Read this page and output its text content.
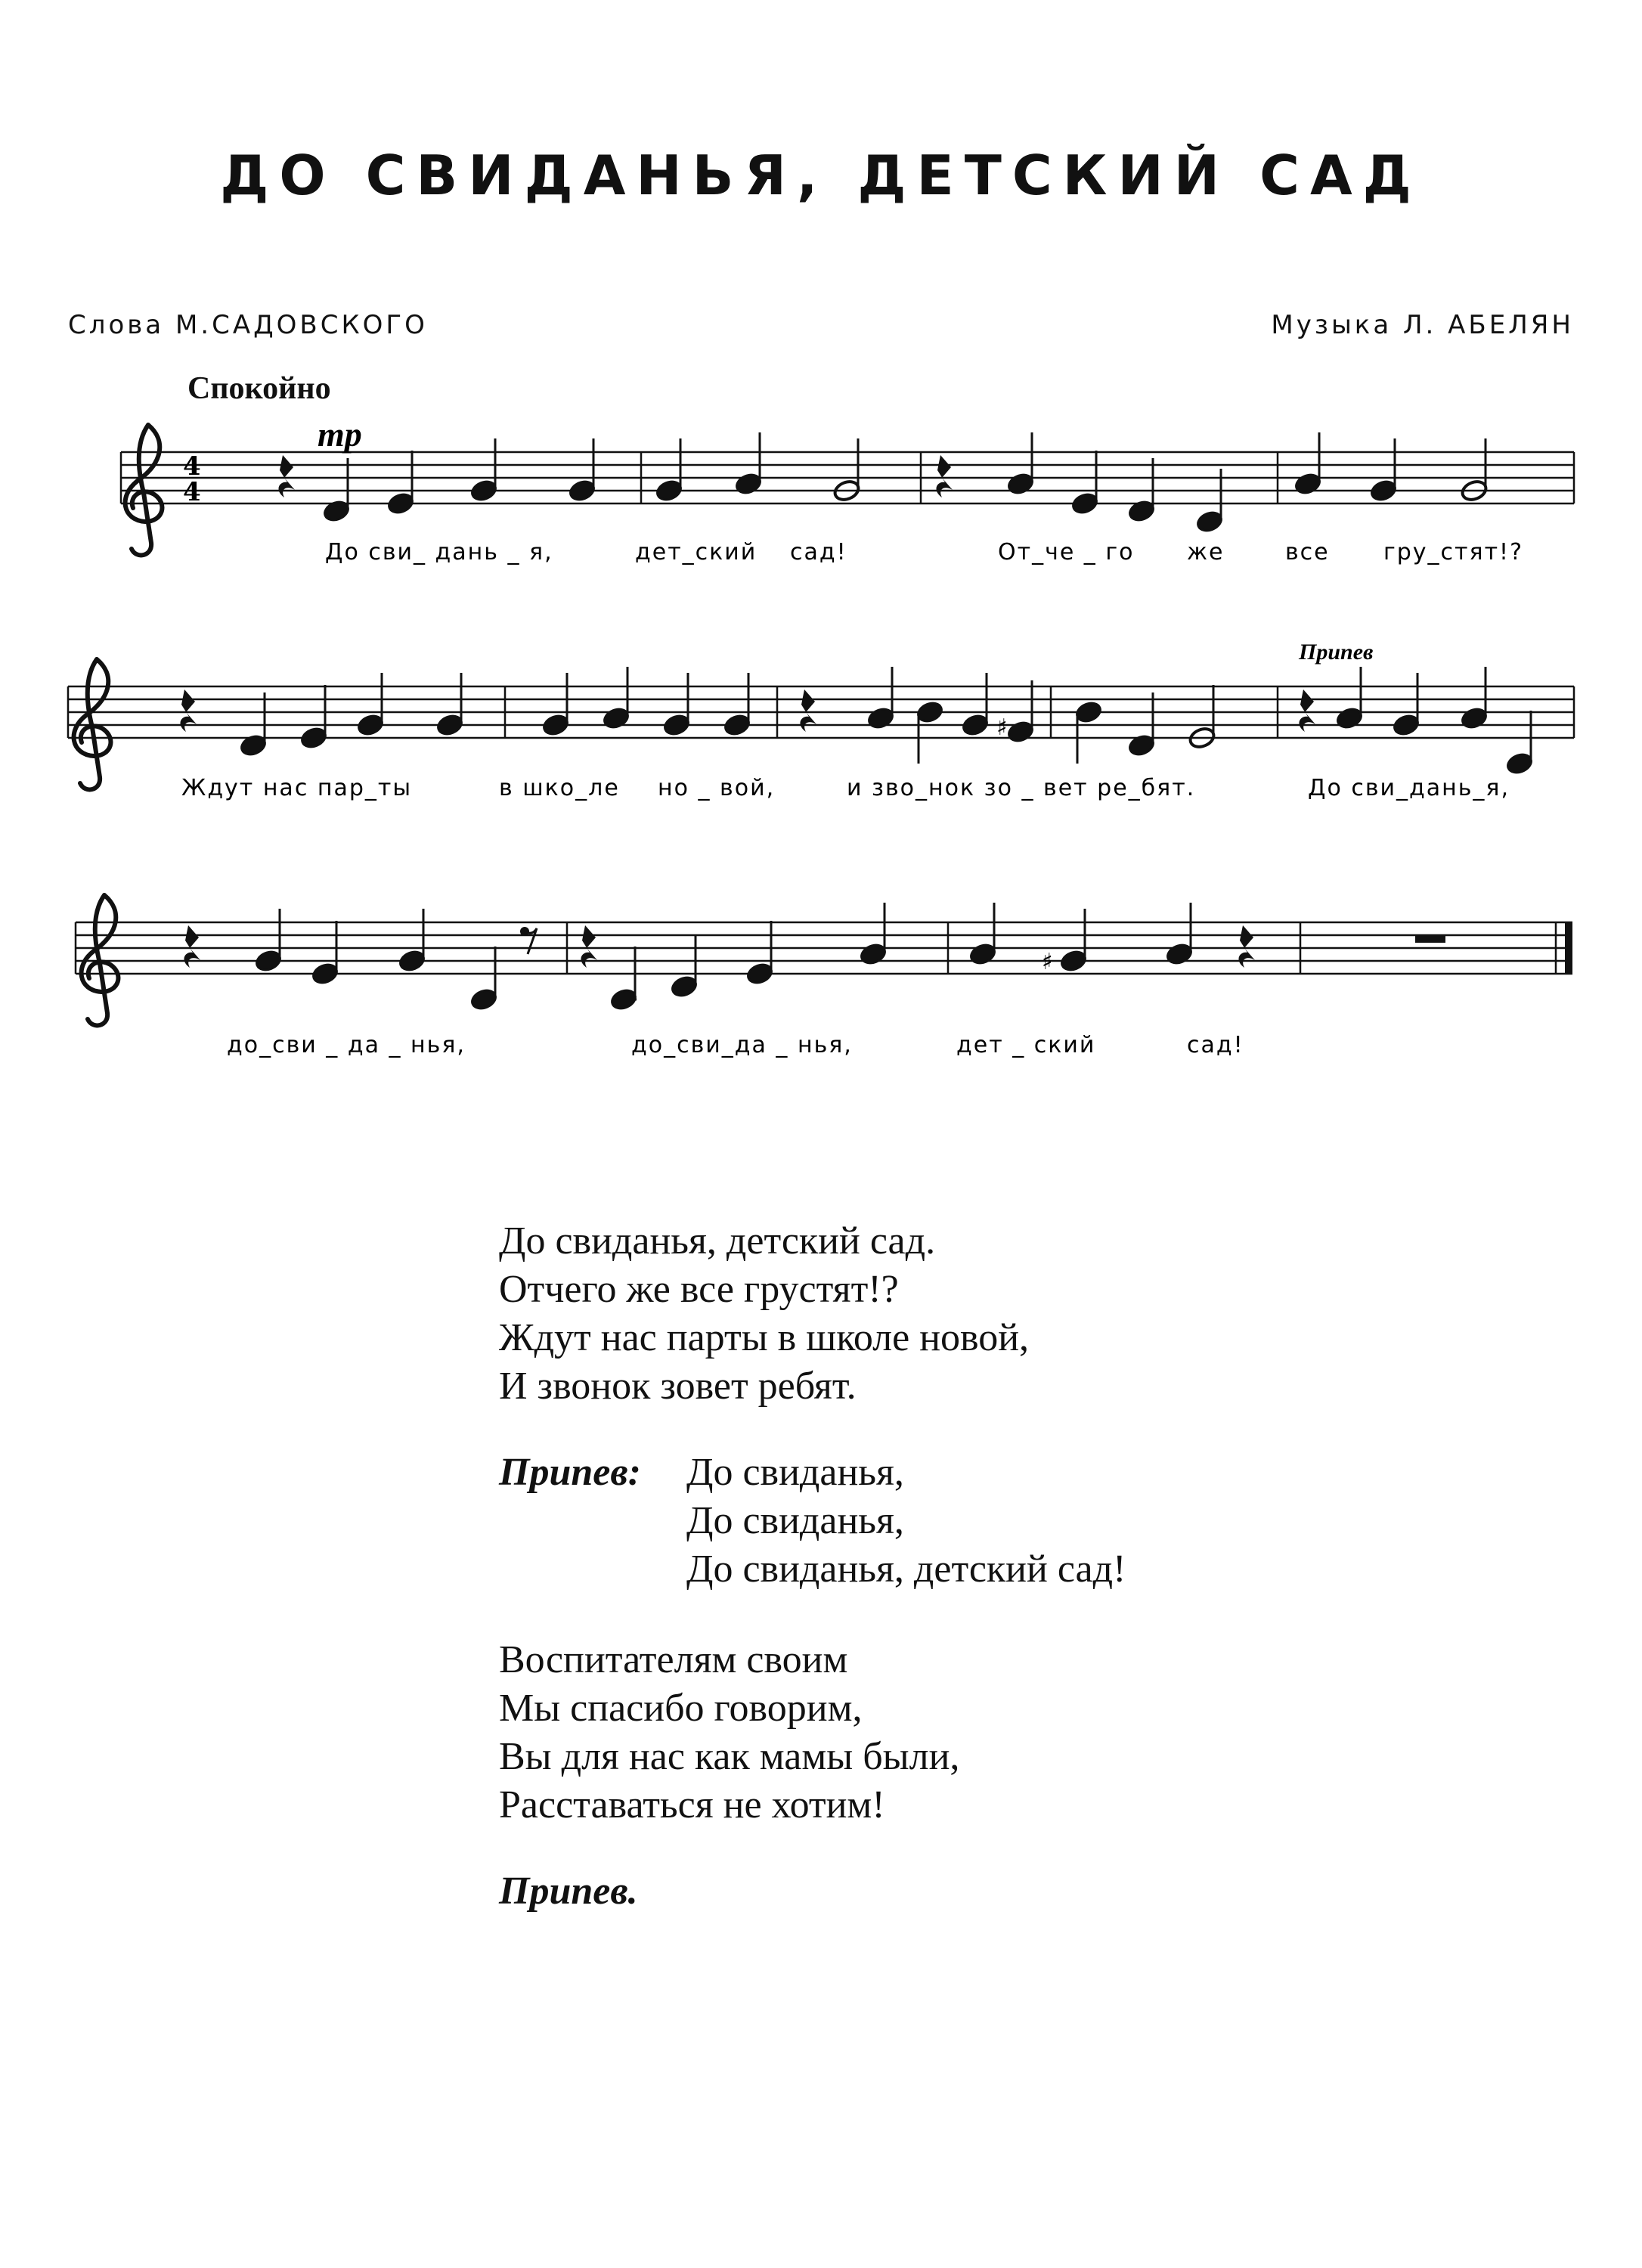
ДО СВИДАНЬЯ, ДЕТСКИЙ САД
Слова М.САДОВСКОГО	Музыка Л. АБЕЛЯН
Спокойно
4
4
mp
До сви_ дань _ я,	дет_ский сад!	От_че _ го же	все гру_стят!?
Припев
♯
Ждут нас пар_ты	в шко_ле но _ вой,	и зво_нок зо _ вет ре_бят.	До сви_дань_я,
♯
до_сви _ да _ нья,	до_сви_да _ нья,	дет _ ский	сад!
До свиданья, детский сад.
Отчего же все грустят!?
Ждут нас парты в школе новой,
И звонок зовет ребят.
Припев:	До свиданья,
До свиданья,
До свиданья, детский сад!
Воспитателям своим
Мы спасибо говорим,
Вы для нас как мамы были,
Расставаться не хотим!
Припев.
